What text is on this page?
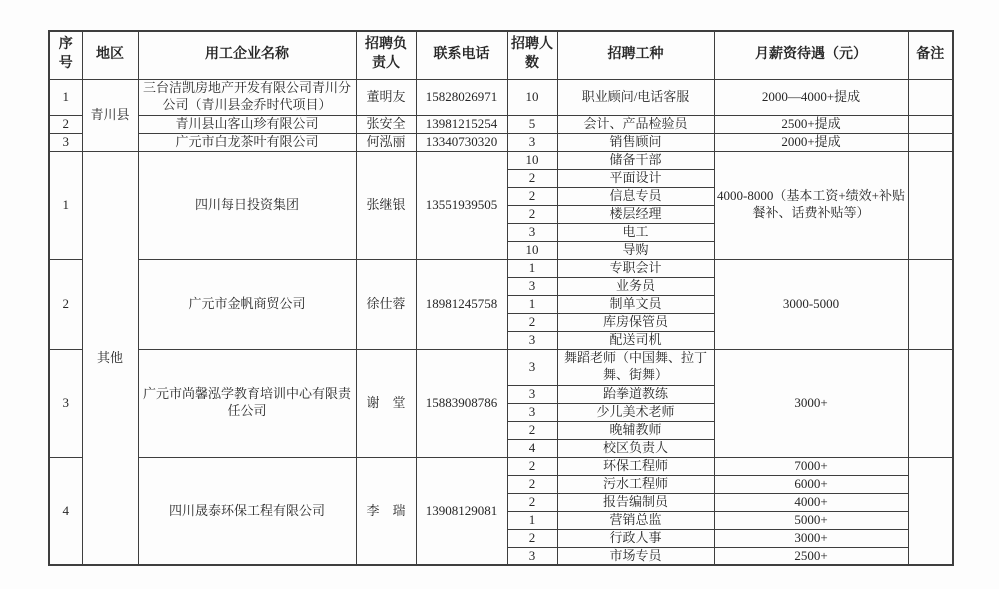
序号	地区	用工企业名称	招聘负责人	联系电话	招聘人数	招聘工种	月薪资待遇（元）	备注
1	青川县	三台洁凯房地产开发有限公司青川分公司（青川县金乔时代项目）	董明友	15828026971	10	职业顾问/电话客服	2000—4000+提成	
2		青川县山客山珍有限公司	张安全	13981215254	5	会计、产品检验员	2500+提成	
3		广元市白龙茶叶有限公司	何泓丽	13340730320	3	销售顾问	2000+提成	
1	其他	四川每日投资集团	张继银	13551939505	10	储备干部	4000-8000（基本工资+绩效+补贴餐补、话费补贴等）	
					2	平面设计		
					2	信息专员		
					2	楼层经理		
					3	电工		
					10	导购		
2		广元市金帆商贸公司	徐仕蓉	18981245758	1	专职会计	3000-5000	
					3	业务员		
					1	制单文员		
					2	库房保管员		
					3	配送司机		
3		广元市尚馨泓学教育培训中心有限责任公司	谢　堂	15883908786	3	舞蹈老师（中国舞、拉丁舞、街舞）	3000+	
					3	跆拳道教练		
					3	少儿美术老师		
					2	晚辅教师		
					4	校区负责人		
4		四川晟泰环保工程有限公司	李　瑞	13908129081	2	环保工程师	7000+	
					2	污水工程师	6000+	
					2	报告编制员	4000+	
					1	营销总监	5000+	
					2	行政人事	3000+	
					3	市场专员	2500+	
